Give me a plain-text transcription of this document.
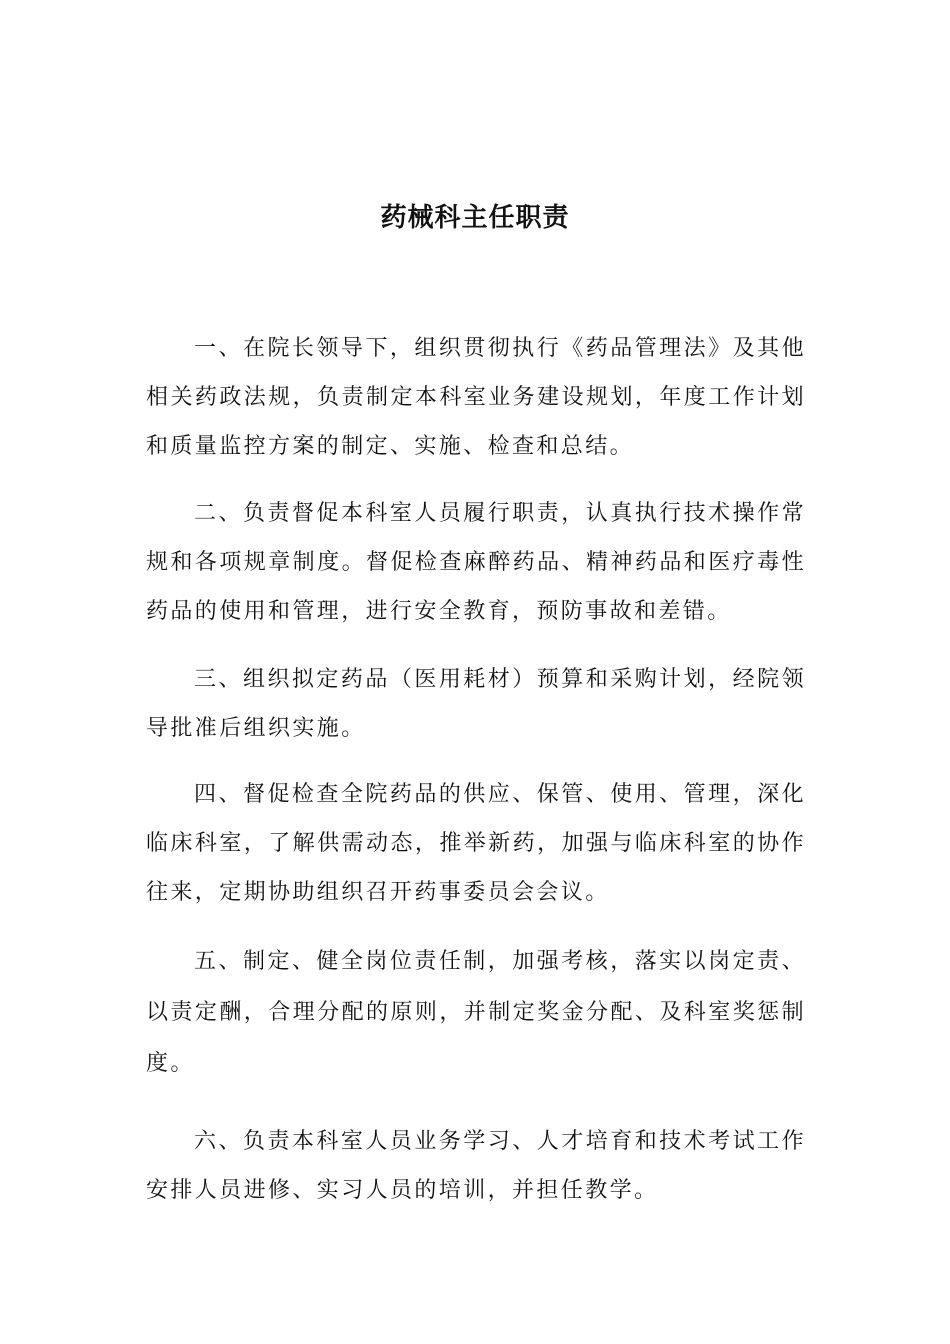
药械科主任职责

一、在院长领导下，组织贯彻执行《药品管理法》及其他相关药政法规，负责制定本科室业务建设规划，年度工作计划和质量监控方案的制定、实施、检查和总结。

二、负责督促本科室人员履行职责，认真执行技术操作常规和各项规章制度。督促检查麻醉药品、精神药品和医疗毒性药品的使用和管理，进行安全教育，预防事故和差错。

三、组织拟定药品（医用耗材）预算和采购计划，经院领导批准后组织实施。

四、督促检查全院药品的供应、保管、使用、管理，深化临床科室，了解供需动态，推举新药，加强与临床科室的协作往来，定期协助组织召开药事委员会会议。

五、制定、健全岗位责任制，加强考核，落实以岗定责、以责定酬，合理分配的原则，并制定奖金分配、及科室奖惩制度。

六、负责本科室人员业务学习、人才培育和技术考试工作安排人员进修、实习人员的培训，并担任教学。
